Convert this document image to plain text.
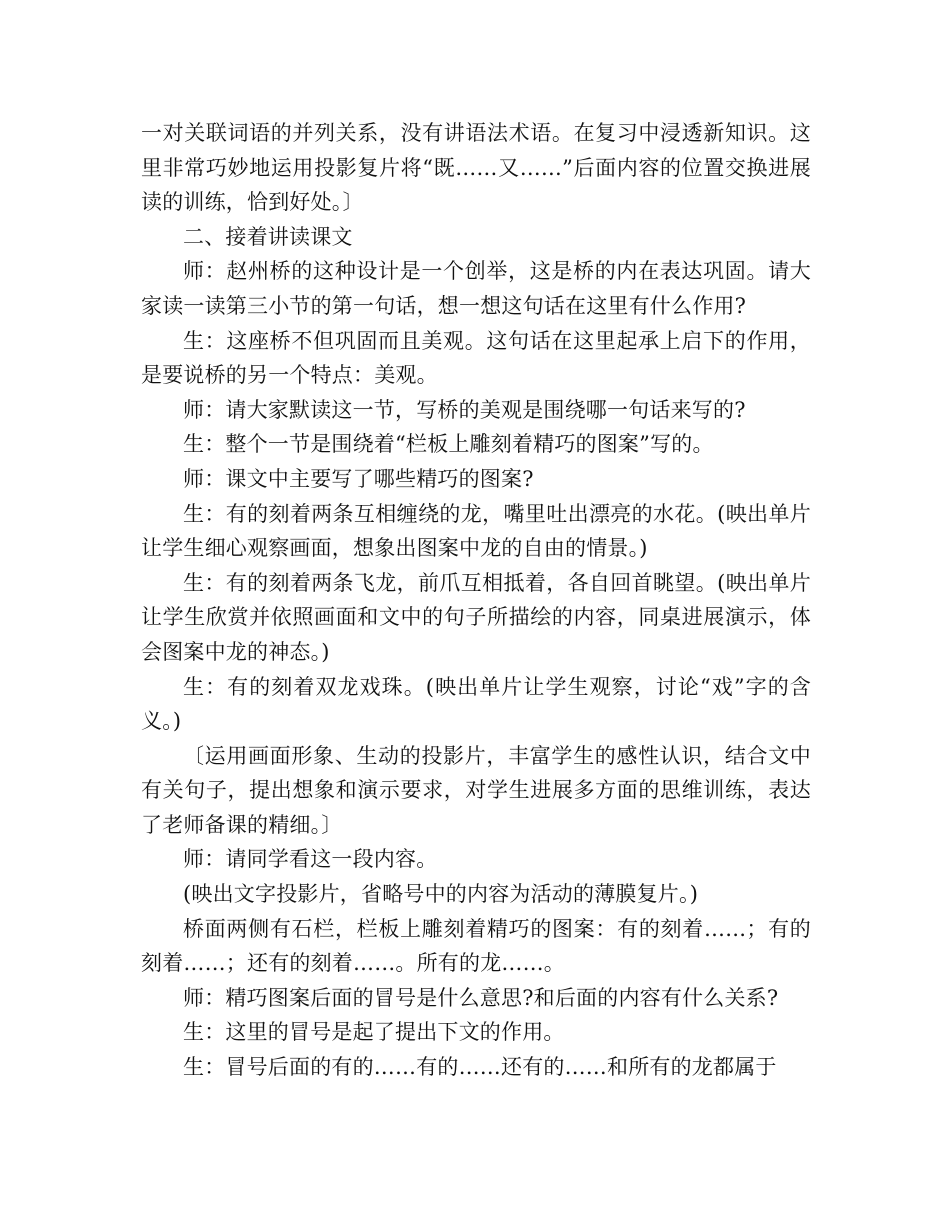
一对关联词语的并列关系，没有讲语法术语。在复习中浸透新知识。这里非常巧妙地运用投影复片将“既……又……”后面内容的位置交换进展读的训练，恰到好处。〕

二、接着讲读课文

师：赵州桥的这种设计是一个创举，这是桥的内在表达巩固。请大家读一读第三小节的第一句话，想一想这句话在这里有什么作用?

生：这座桥不但巩固而且美观。这句话在这里起承上启下的作用，是要说桥的另一个特点：美观。

师：请大家默读这一节，写桥的美观是围绕哪一句话来写的?

生：整个一节是围绕着“栏板上雕刻着精巧的图案”写的。

师：课文中主要写了哪些精巧的图案?

生：有的刻着两条互相缠绕的龙，嘴里吐出漂亮的水花。(映出单片让学生细心观察画面，想象出图案中龙的自由的情景。)

生：有的刻着两条飞龙，前爪互相抵着，各自回首眺望。(映出单片让学生欣赏并依照画面和文中的句子所描绘的内容，同桌进展演示，体会图案中龙的神态。)

生：有的刻着双龙戏珠。(映出单片让学生观察，讨论“戏”字的含义。)

〔运用画面形象、生动的投影片，丰富学生的感性认识，结合文中有关句子，提出想象和演示要求，对学生进展多方面的思维训练，表达了老师备课的精细。〕

师：请同学看这一段内容。

(映出文字投影片，省略号中的内容为活动的薄膜复片。)

桥面两侧有石栏，栏板上雕刻着精巧的图案：有的刻着……；有的刻着……；还有的刻着……。所有的龙……。

师：精巧图案后面的冒号是什么意思?和后面的内容有什么关系?

生：这里的冒号是起了提出下文的作用。

生：冒号后面的有的……有的……还有的……和所有的龙都属于
